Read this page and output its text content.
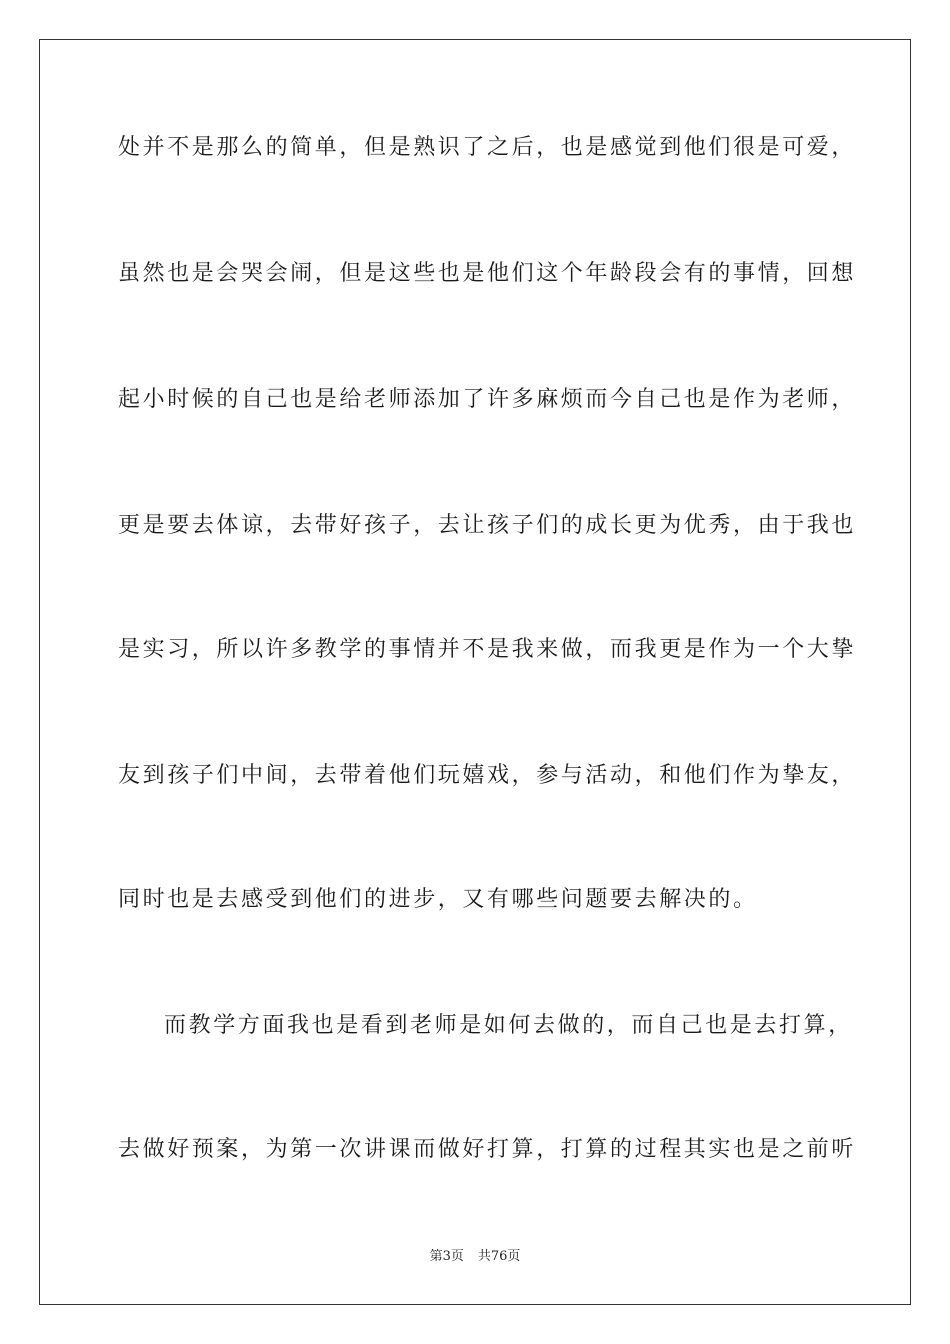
处并不是那么的简单，但是熟识了之后，也是感觉到他们很是可爱，
虽然也是会哭会闹，但是这些也是他们这个年龄段会有的事情，回想
起小时候的自己也是给老师添加了许多麻烦而今自己也是作为老师，
更是要去体谅，去带好孩子，去让孩子们的成长更为优秀，由于我也
是实习，所以许多教学的事情并不是我来做，而我更是作为一个大挚
友到孩子们中间，去带着他们玩嬉戏，参与活动，和他们作为挚友，
同时也是去感受到他们的进步，又有哪些问题要去解决的。
而教学方面我也是看到老师是如何去做的，而自己也是去打算，
去做好预案，为第一次讲课而做好打算，打算的过程其实也是之前听
第3页 共76页
